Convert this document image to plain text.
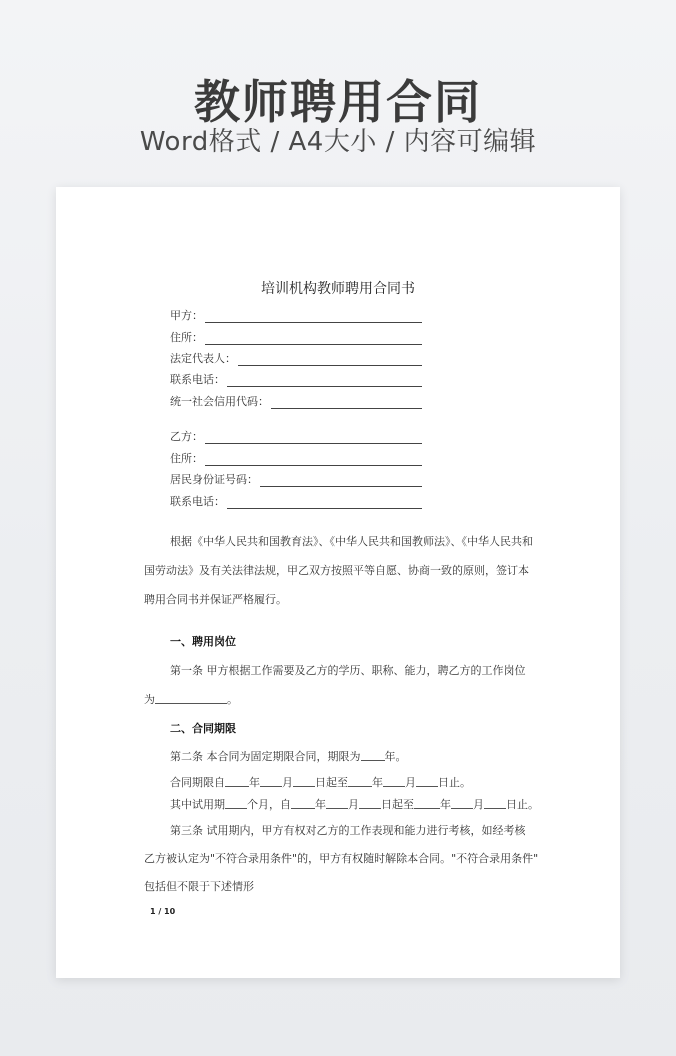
教师聘用合同
Word格式 / A4大小 / 内容可编辑
培训机构教师聘用合同书
甲方：
住所：
法定代表人：
联系电话：
统一社会信用代码：
乙方：
住所：
居民身份证号码：
联系电话：
根据《中华人民共和国教育法》、《中华人民共和国教师法》、《中华人民共和
国劳动法》及有关法律法规，甲乙双方按照平等自愿、协商一致的原则，签订本
聘用合同书并保证严格履行。
一、聘用岗位
第一条 甲方根据工作需要及乙方的学历、职称、能力，聘乙方的工作岗位
为	。
二、合同期限
第二条 本合同为固定期限合同，期限为 年。
合同期限自 年 月 日起至 年 月 日止。
其中试用期 个月，自 年 月 日起至 年 月 日止。
第三条 试用期内，甲方有权对乙方的工作表现和能力进行考核，如经考核
乙方被认定为"不符合录用条件"的，甲方有权随时解除本合同。"不符合录用条件"
包括但不限于下述情形
1 / 10
